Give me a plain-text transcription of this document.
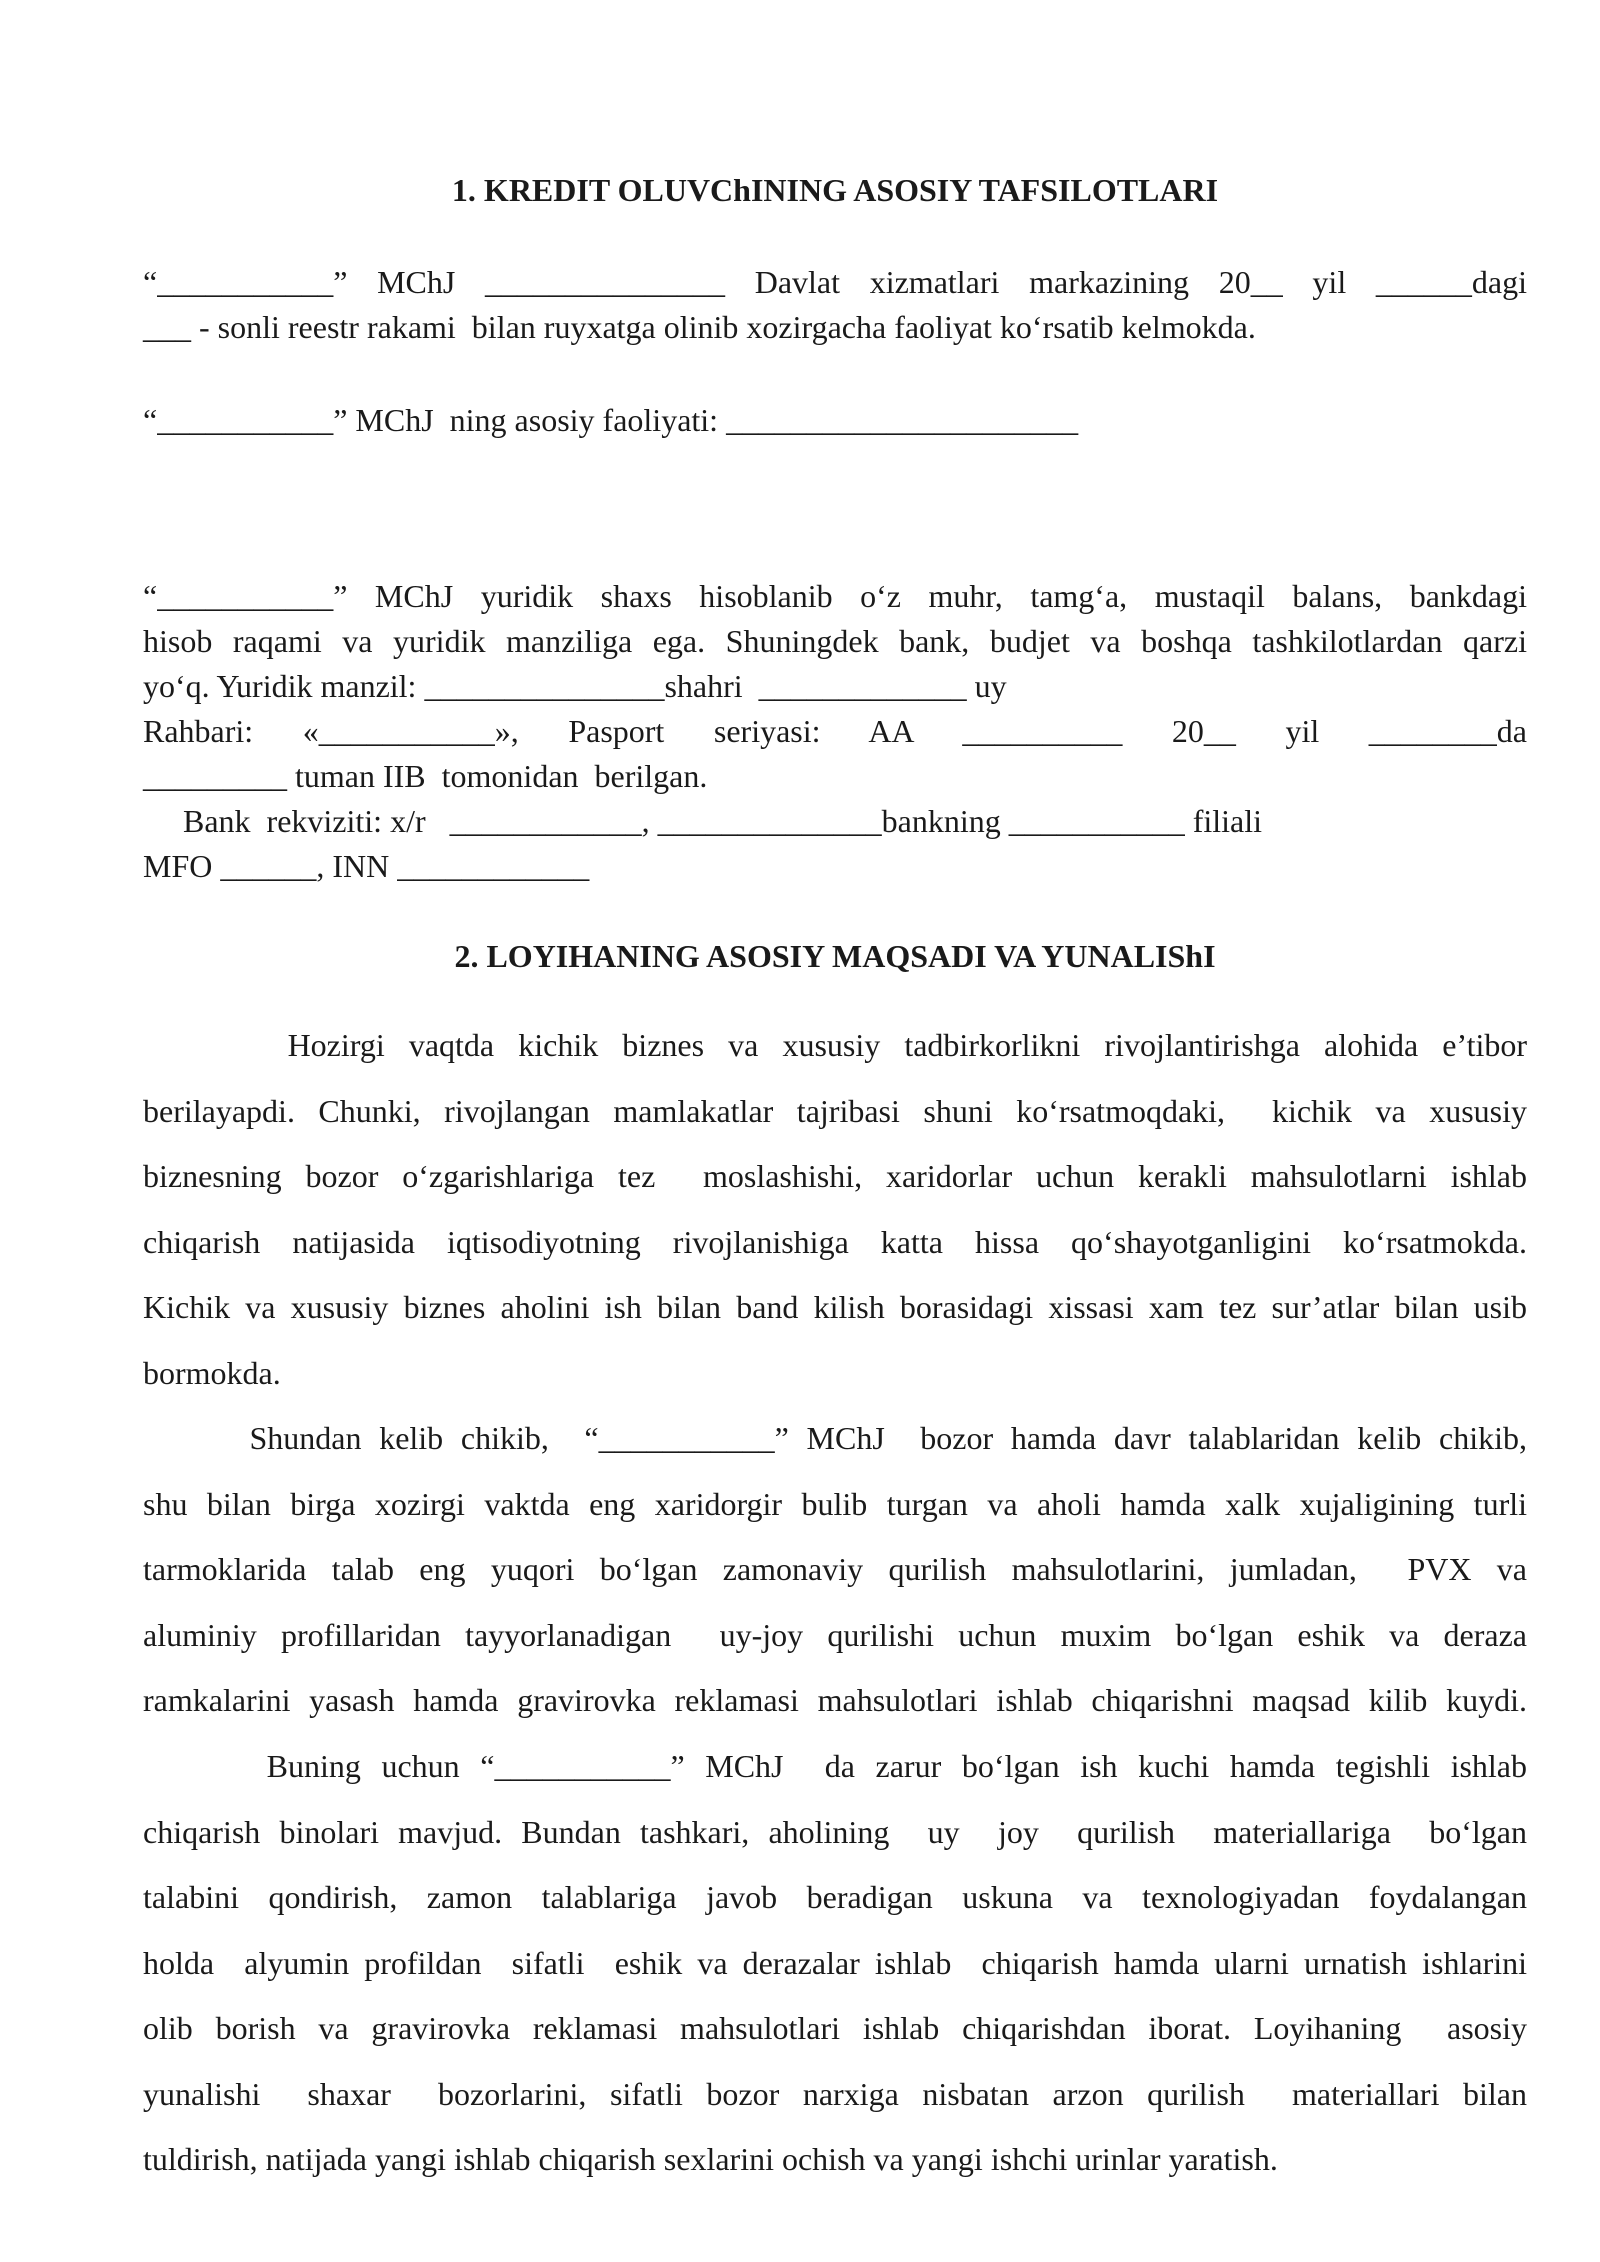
1. KREDIT OLUVChINING ASOSIY TAFSILOTLARI
“___________” MChJ _______________ Davlat xizmatlari markazining 20__ yil ______dagi
___ - sonli reestr rakami  bilan ruyxatga olinib xozirgacha faoliyat ko‘rsatib kelmokda.
“___________” MChJ  ning asosiy faoliyati: ______________________
“___________” MChJ yuridik shaxs hisoblanib o‘z muhr, tamg‘a, mustaqil balans, bankdagi
hisob raqami va yuridik manziliga ega. Shuningdek bank, budjet va boshqa tashkilotlardan qarzi
yo‘q. Yuridik manzil: _______________shahri  _____________ uy
Rahbari: «___________», Pasport seriyasi: AA __________ 20__ yil ________da
_________ tuman IIB  tomonidan  berilgan.
Bank  rekviziti: x/r   ____________, ______________bankning ___________ filiali
MFO ______, INN ____________
2. LOYIHANING ASOSIY MAQSADI VA YUNALIShI
Hozirgi vaqtda kichik biznes va xususiy tadbirkorlikni rivojlantirishga alohida e’tibor
berilayapdi. Chunki, rivojlangan mamlakatlar tajribasi shuni ko‘rsatmoqdaki,  kichik va xususiy
biznesning bozor o‘zgarishlariga tez  moslashishi, xaridorlar uchun kerakli mahsulotlarni ishlab
chiqarish natijasida iqtisodiyotning rivojlanishiga katta hissa qo‘shayotganligini ko‘rsatmokda.
Kichik va xususiy biznes aholini ish bilan band kilish borasidagi xissasi xam tez sur’atlar bilan usib
bormokda.
Shundan kelib chikib,  “___________” MChJ  bozor hamda davr talablaridan kelib chikib,
shu bilan birga xozirgi vaktda eng xaridorgir bulib turgan va aholi hamda xalk xujaligining turli
tarmoklarida talab eng yuqori bo‘lgan zamonaviy qurilish mahsulotlarini, jumladan,  PVX va
aluminiy profillaridan tayyorlanadigan  uy-joy qurilishi uchun muxim bo‘lgan eshik va deraza
ramkalarini yasash hamda gravirovka reklamasi mahsulotlari ishlab chiqarishni maqsad kilib kuydi.
Buning uchun “___________” MChJ  da zarur bo‘lgan ish kuchi hamda tegishli ishlab
chiqarish binolari mavjud. Bundan tashkari, aholining  uy  joy  qurilish  materiallariga  bo‘lgan
talabini qondirish, zamon talablariga javob beradigan uskuna va texnologiyadan foydalangan
holda  alyumin profildan  sifatli  eshik va derazalar ishlab  chiqarish hamda ularni urnatish ishlarini
olib borish va gravirovka reklamasi mahsulotlari ishlab chiqarishdan iborat. Loyihaning  asosiy
yunalishi  shaxar  bozorlarini, sifatli bozor narxiga nisbatan arzon qurilish  materiallari bilan
tuldirish, natijada yangi ishlab chiqarish sexlarini ochish va yangi ishchi urinlar yaratish.
